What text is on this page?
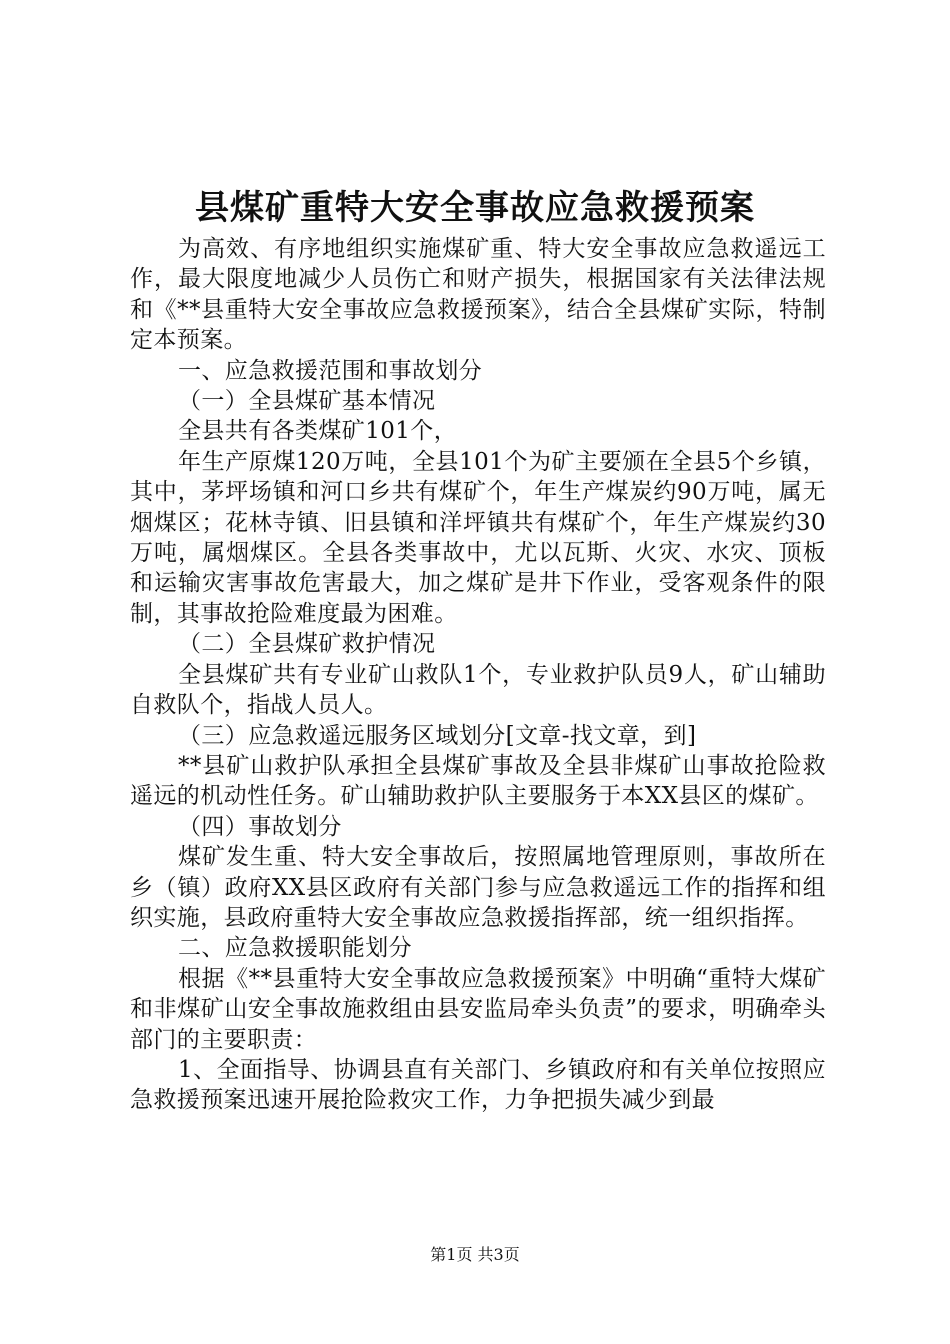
县煤矿重特大安全事故应急救援预案

为高效、有序地组织实施煤矿重、特大安全事故应急救遥远工作，最大限度地减少人员伤亡和财产损失，根据国家有关法律法规和《**县重特大安全事故应急救援预案》，结合全县煤矿实际，特制定本预案。

一、应急救援范围和事故划分

（一）全县煤矿基本情况

全县共有各类煤矿101个，

年生产原煤120万吨，全县101个为矿主要颁在全县5个乡镇，其中，茅坪场镇和河口乡共有煤矿个，年生产煤炭约90万吨，属无烟煤区；花林寺镇、旧县镇和洋坪镇共有煤矿个，年生产煤炭约30万吨，属烟煤区。全县各类事故中，尤以瓦斯、火灾、水灾、顶板和运输灾害事故危害最大，加之煤矿是井下作业，受客观条件的限制，其事故抢险难度最为困难。

（二）全县煤矿救护情况

全县煤矿共有专业矿山救队1个，专业救护队员9人，矿山辅助自救队个，指战人员人。

（三）应急救遥远服务区域划分[文章-找文章，到]

**县矿山救护队承担全县煤矿事故及全县非煤矿山事故抢险救遥远的机动性任务。矿山辅助救护队主要服务于本XX县区的煤矿。

（四）事故划分

煤矿发生重、特大安全事故后，按照属地管理原则，事故所在乡（镇）政府XX县区政府有关部门参与应急救遥远工作的指挥和组织实施，县政府重特大安全事故应急救援指挥部，统一组织指挥。

二、应急救援职能划分

根据《**县重特大安全事故应急救援预案》中明确“重特大煤矿和非煤矿山安全事故施救组由县安监局牵头负责”的要求，明确牵头部门的主要职责：

1、全面指导、协调县直有关部门、乡镇政府和有关单位按照应急救援预案迅速开展抢险救灾工作，力争把损失减少到最

第1页 共3页
